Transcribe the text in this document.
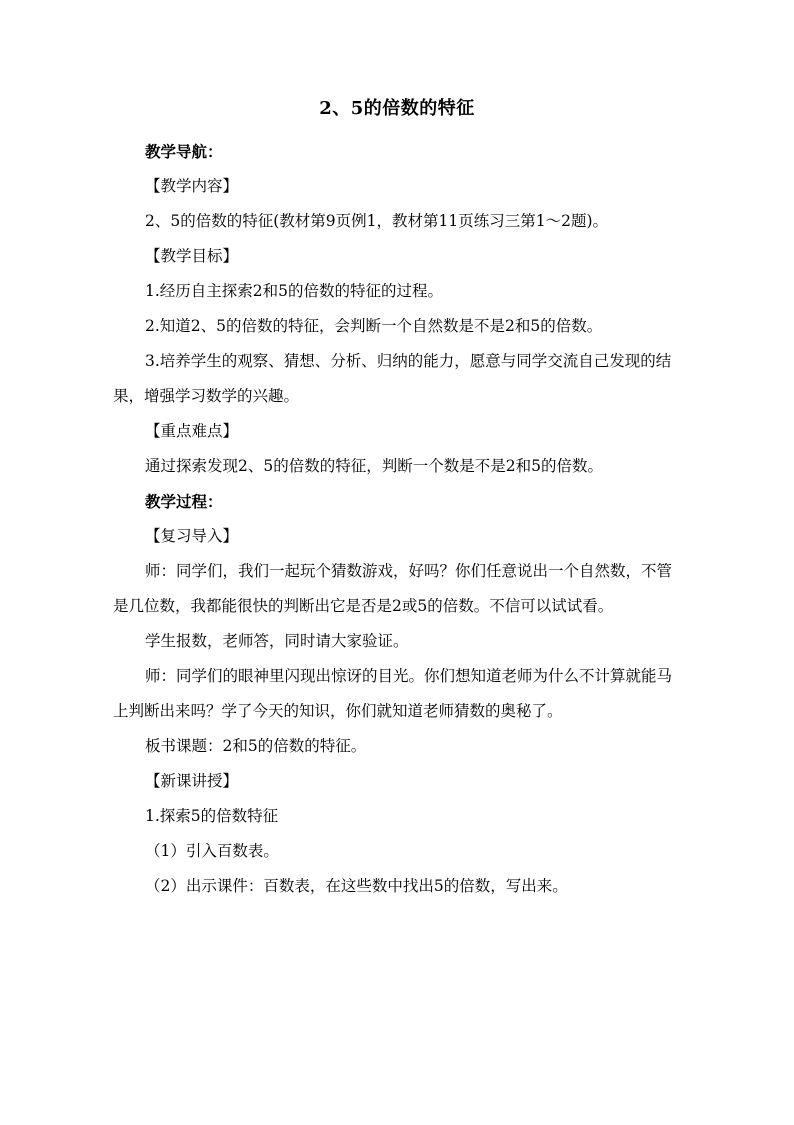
2、5的倍数的特征

教学导航：

【教学内容】

2、5的倍数的特征(教材第9页例1，教材第11页练习三第1～2题)。

【教学目标】

1.经历自主探索2和5的倍数的特征的过程。

2.知道2、5的倍数的特征，会判断一个自然数是不是2和5的倍数。

3.培养学生的观察、猜想、分析、归纳的能力，愿意与同学交流自己发现的结果，增强学习数学的兴趣。

【重点难点】

通过探索发现2、5的倍数的特征，判断一个数是不是2和5的倍数。

教学过程：

【复习导入】

师：同学们，我们一起玩个猜数游戏，好吗？你们任意说出一个自然数，不管是几位数，我都能很快的判断出它是否是2或5的倍数。不信可以试试看。

学生报数，老师答，同时请大家验证。

师：同学们的眼神里闪现出惊讶的目光。你们想知道老师为什么不计算就能马上判断出来吗？学了今天的知识，你们就知道老师猜数的奥秘了。

板书课题：2和5的倍数的特征。

【新课讲授】

1.探索5的倍数特征

（1）引入百数表。

（2）出示课件：百数表，在这些数中找出5的倍数，写出来。
